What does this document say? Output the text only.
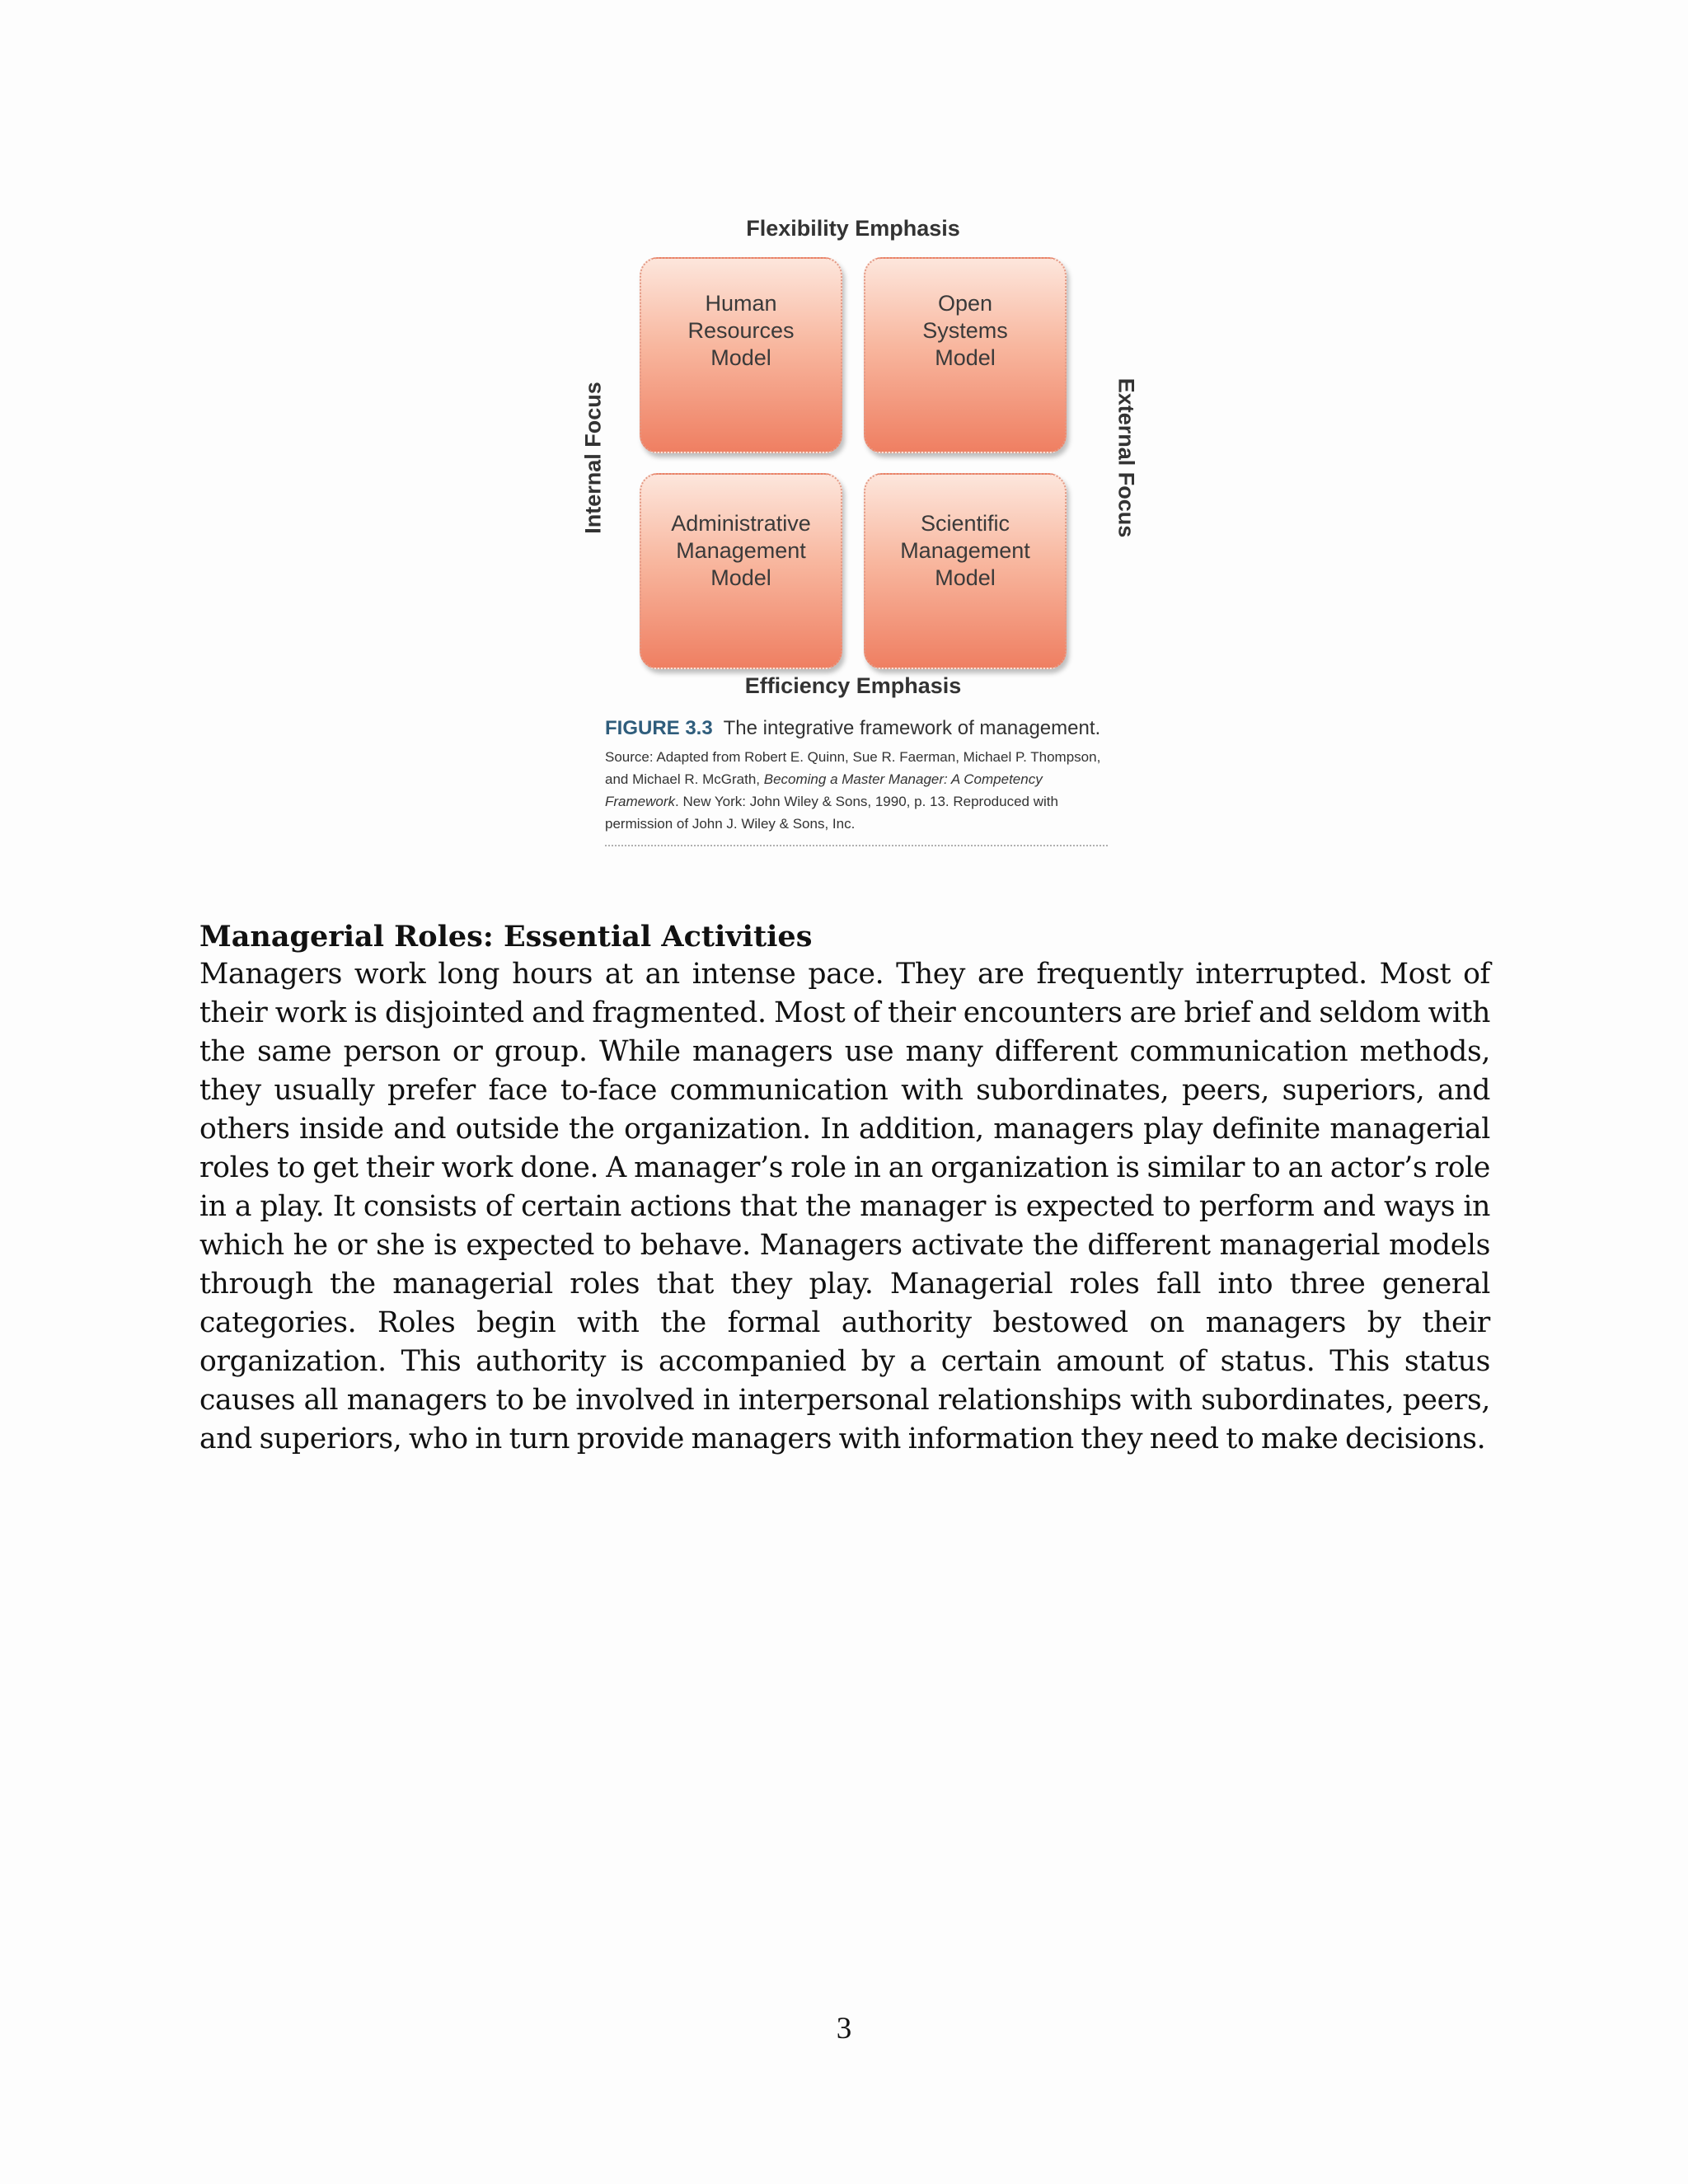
Flexibility Emphasis
Internal Focus	External Focus
Human
Resources
Model
Open
Systems
Model
Administrative
Management
Model
Scientific
Management
Model
Efficiency Emphasis
FIGURE 3.3 The integrative framework of management.
Source: Adapted from Robert E. Quinn, Sue R. Faerman, Michael P. Thompson, and Michael R. McGrath, Becoming a Master Manager: A Competency Framework. New York: John Wiley & Sons, 1990, p. 13. Reproduced with permission of John J. Wiley & Sons, Inc.
Managerial Roles: Essential Activities

Managers work long hours at an intense pace. They are frequently interrupted. Most of their work is disjointed and fragmented. Most of their encounters are brief and seldom with the same person or group. While managers use many different communication methods, they usually prefer face to-face communication with subordinates, peers, superiors, and others inside and outside the organization. In addition, managers play definite managerial roles to get their work done. A manager’s role in an organization is similar to an actor’s role in a play. It consists of certain actions that the manager is expected to perform and ways in which he or she is expected to behave. Managers activate the different managerial models through the managerial roles that they play. Managerial roles fall into three general categories. Roles begin with the formal authority bestowed on managers by their organization. This authority is accompanied by a certain amount of status. This status causes all managers to be involved in interpersonal relationships with subordinates, peers, and superiors, who in turn provide managers with information they need to make decisions.

3
